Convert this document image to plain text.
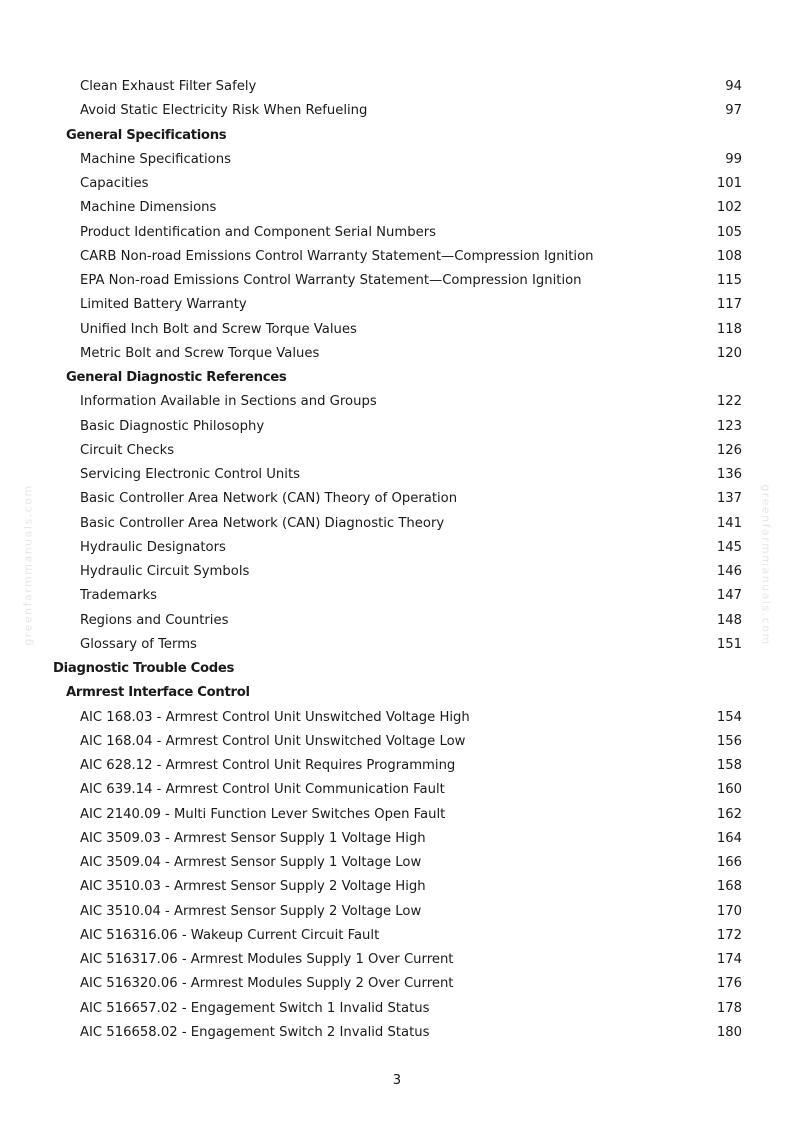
greenfarmmanuals.com	greenfarmmanuals.com
Clean Exhaust Filter Safely	94
Avoid Static Electricity Risk When Refueling	97
General Specifications
Machine Specifications	99
Capacities	101
Machine Dimensions	102
Product Identification and Component Serial Numbers	105
CARB Non-road Emissions Control Warranty Statement—Compression Ignition	108
EPA Non-road Emissions Control Warranty Statement—Compression Ignition	115
Limited Battery Warranty	117
Unified Inch Bolt and Screw Torque Values	118
Metric Bolt and Screw Torque Values	120
General Diagnostic References
Information Available in Sections and Groups	122
Basic Diagnostic Philosophy	123
Circuit Checks	126
Servicing Electronic Control Units	136
Basic Controller Area Network (CAN) Theory of Operation	137
Basic Controller Area Network (CAN) Diagnostic Theory	141
Hydraulic Designators	145
Hydraulic Circuit Symbols	146
Trademarks	147
Regions and Countries	148
Glossary of Terms	151
Diagnostic Trouble Codes
Armrest Interface Control
AIC 168.03 - Armrest Control Unit Unswitched Voltage High	154
AIC 168.04 - Armrest Control Unit Unswitched Voltage Low	156
AIC 628.12 - Armrest Control Unit Requires Programming	158
AIC 639.14 - Armrest Control Unit Communication Fault	160
AIC 2140.09 - Multi Function Lever Switches Open Fault	162
AIC 3509.03 - Armrest Sensor Supply 1 Voltage High	164
AIC 3509.04 - Armrest Sensor Supply 1 Voltage Low	166
AIC 3510.03 - Armrest Sensor Supply 2 Voltage High	168
AIC 3510.04 - Armrest Sensor Supply 2 Voltage Low	170
AIC 516316.06 - Wakeup Current Circuit Fault	172
AIC 516317.06 - Armrest Modules Supply 1 Over Current	174
AIC 516320.06 - Armrest Modules Supply 2 Over Current	176
AIC 516657.02 - Engagement Switch 1 Invalid Status	178
AIC 516658.02 - Engagement Switch 2 Invalid Status	180
3
